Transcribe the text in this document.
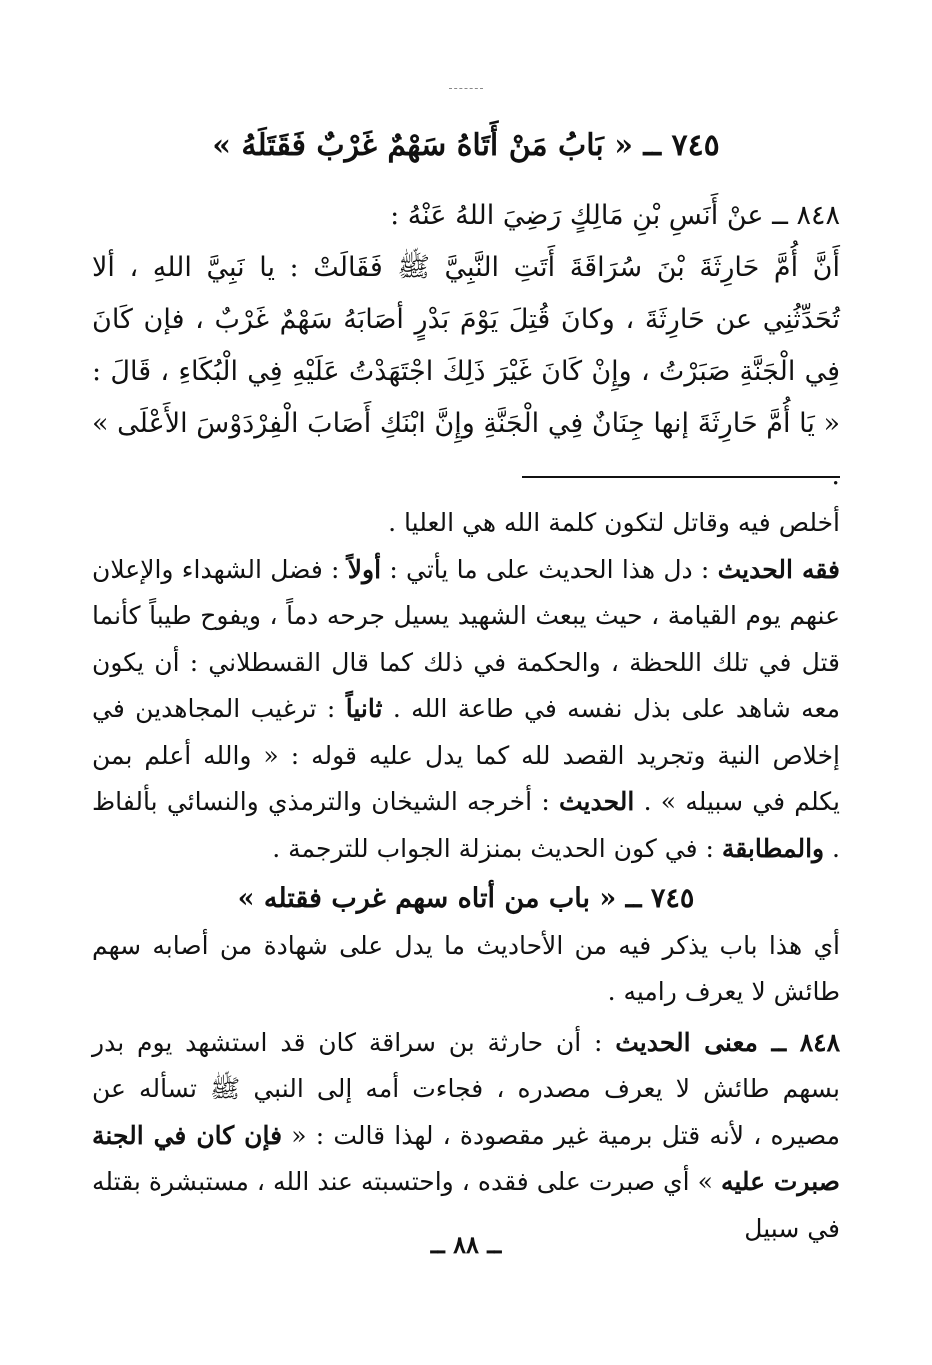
٧٤٥ ــ « بَابُ مَنْ أَتَاهُ سَهْمٌ غَرْبٌ فَقَتَلَهُ »

٨٤٨ ــ عنْ أَنَسِ بْنِ مَالِكٍ رَضِيَ اللهُ عَنْهُ :

أَنَّ أُمَّ حَارِثَةَ بْنَ سُرَاقَةَ أَتَتِ النَّبِيَّ ﷺ فَقَالَتْ : يا نَبِيَّ اللهِ ، ألا تُحَدِّثُنِي عن حَارِثَةَ ، وكانَ قُتِلَ يَوْمَ بَدْرٍ أصَابَهُ سَهْمٌ غَرْبٌ ، فإن كَانَ فِي الْجَنَّةِ صَبَرْتُ ، وإِنْ كَانَ غَيْرَ ذَلِكَ اجْتَهَدْتُ عَلَيْهِ فِي الْبُكَاءِ ، قَالَ : « يَا أُمَّ حَارِثَةَ إنها جِنَانٌ فِي الْجَنَّةِ وإِنَّ ابْنَكِ أَصَابَ الْفِرْدَوْسَ الأَعْلَى » .

أخلص فيه وقاتل لتكون كلمة الله هي العليا .

فقه الحديث : دل هذا الحديث على ما يأتي : أولاً : فضل الشهداء والإعلان عنهم يوم القيامة ، حيث يبعث الشهيد يسيل جرحه دماً ، ويفوح طيباً كأنما قتل في تلك اللحظة ، والحكمة في ذلك كما قال القسطلاني : أن يكون معه شاهد على بذل نفسه في طاعة الله . ثانياً : ترغيب المجاهدين في إخلاص النية وتجريد القصد لله كما يدل عليه قوله : « والله أعلم بمن يكلم في سبيله » . الحديث : أخرجه الشيخان والترمذي والنسائي بألفاظ . والمطابقة : في كون الحديث بمنزلة الجواب للترجمة .

٧٤٥ ــ « باب من أتاه سهم غرب فقتله »

أي هذا باب يذكر فيه من الأحاديث ما يدل على شهادة من أصابه سهم طائش لا يعرف راميه .

٨٤٨ ــ معنى الحديث : أن حارثة بن سراقة كان قد استشهد يوم بدر بسهم طائش لا يعرف مصدره ، فجاءت أمه إلى النبي ﷺ تسأله عن مصيره ، لأنه قتل برمية غير مقصودة ، لهذا قالت : « فإن كان في الجنة صبرت عليه » أي صبرت على فقده ، واحتسبته عند الله ، مستبشرة بقتله في سبيل

ــ ٨٨ ــ
